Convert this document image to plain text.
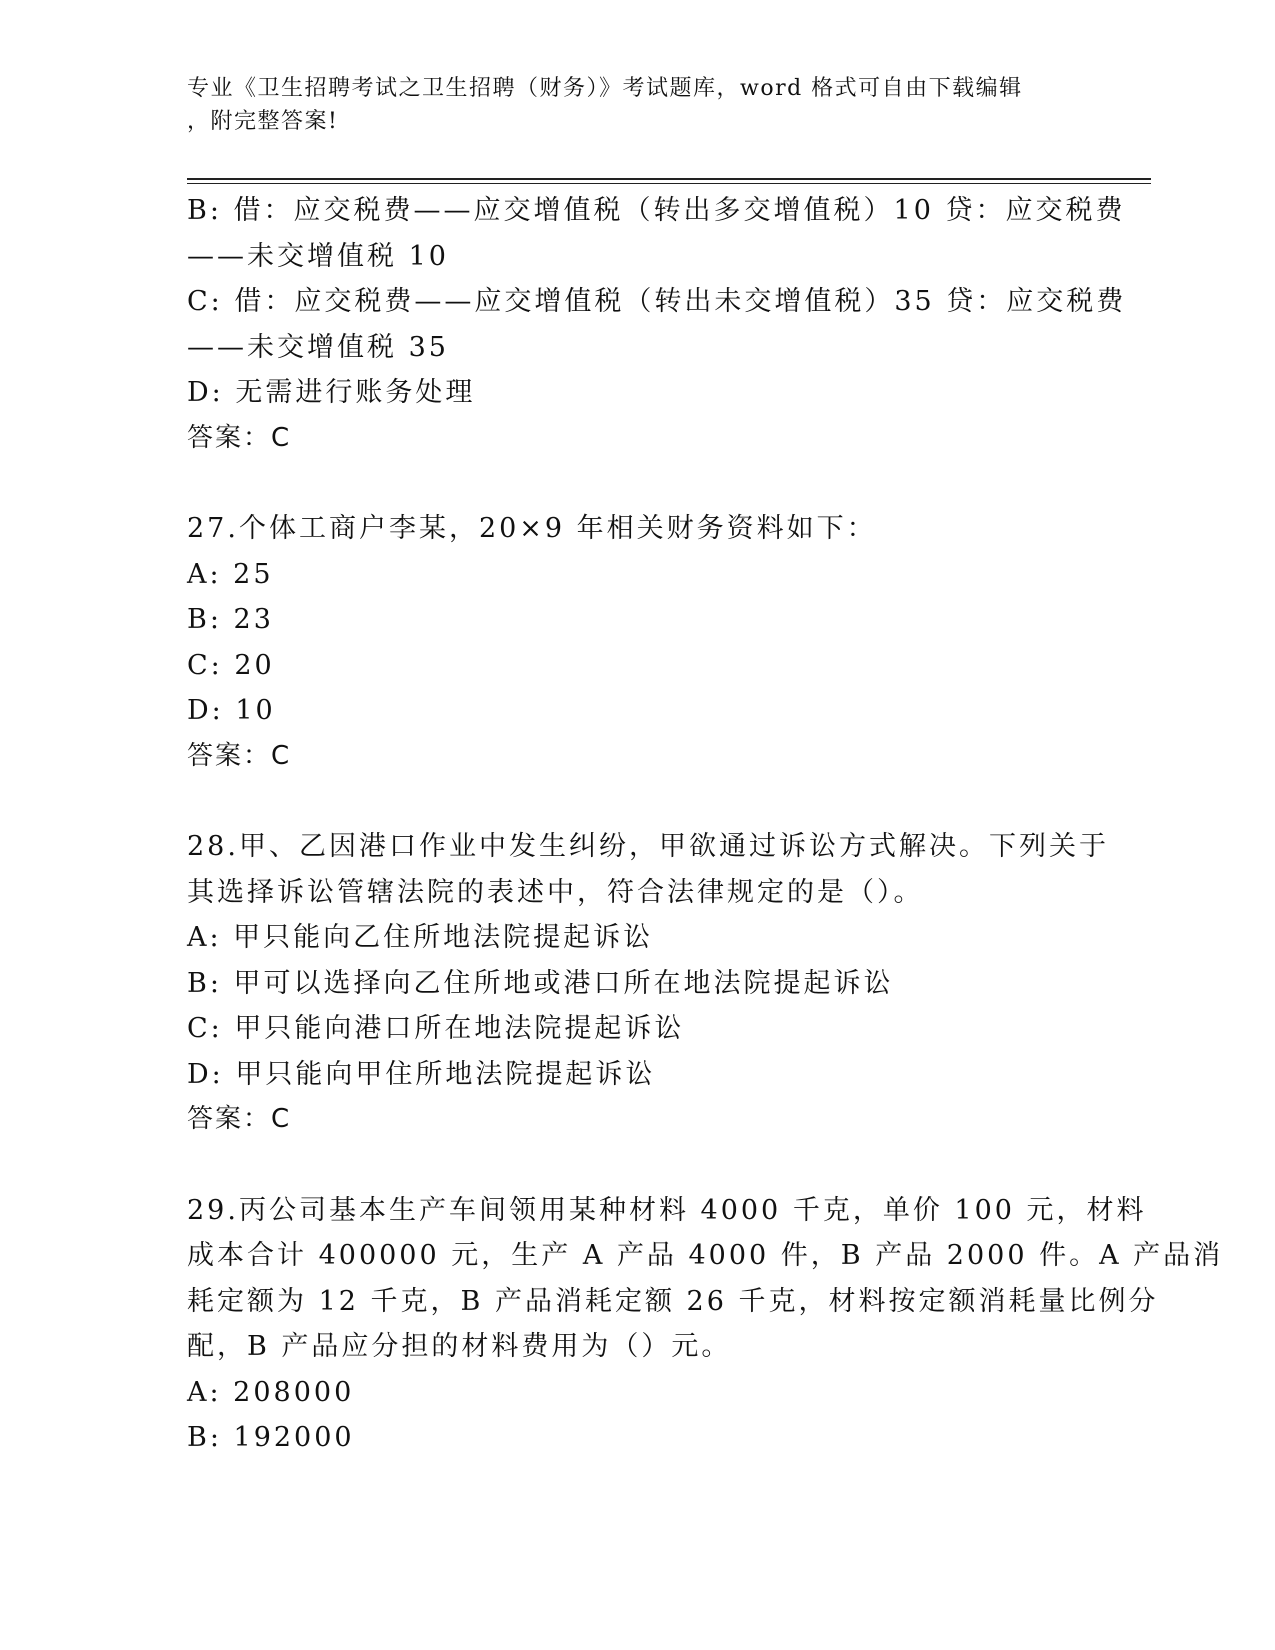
专业《卫生招聘考试之卫生招聘（财务）》考试题库，word 格式可自由下载编辑
，附完整答案!
B: 借：应交税费——应交增值税（转出多交增值税）10 贷：应交税费
——未交增值税 10
C: 借：应交税费——应交增值税（转出未交增值税）35 贷：应交税费
——未交增值税 35
D: 无需进行账务处理
答案：C
27.个体工商户李某，20×9 年相关财务资料如下：
A: 25
B: 23
C: 20
D: 10
答案：C
28.甲、乙因港口作业中发生纠纷，甲欲通过诉讼方式解决。下列关于
其选择诉讼管辖法院的表述中，符合法律规定的是（）。
A: 甲只能向乙住所地法院提起诉讼
B: 甲可以选择向乙住所地或港口所在地法院提起诉讼
C: 甲只能向港口所在地法院提起诉讼
D: 甲只能向甲住所地法院提起诉讼
答案：C
29.丙公司基本生产车间领用某种材料 4000 千克，单价 100 元，材料
成本合计 400000 元，生产 A 产品 4000 件，B 产品 2000 件。A 产品消
耗定额为 12 千克，B 产品消耗定额 26 千克，材料按定额消耗量比例分
配，B 产品应分担的材料费用为（）元。
A: 208000
B: 192000
